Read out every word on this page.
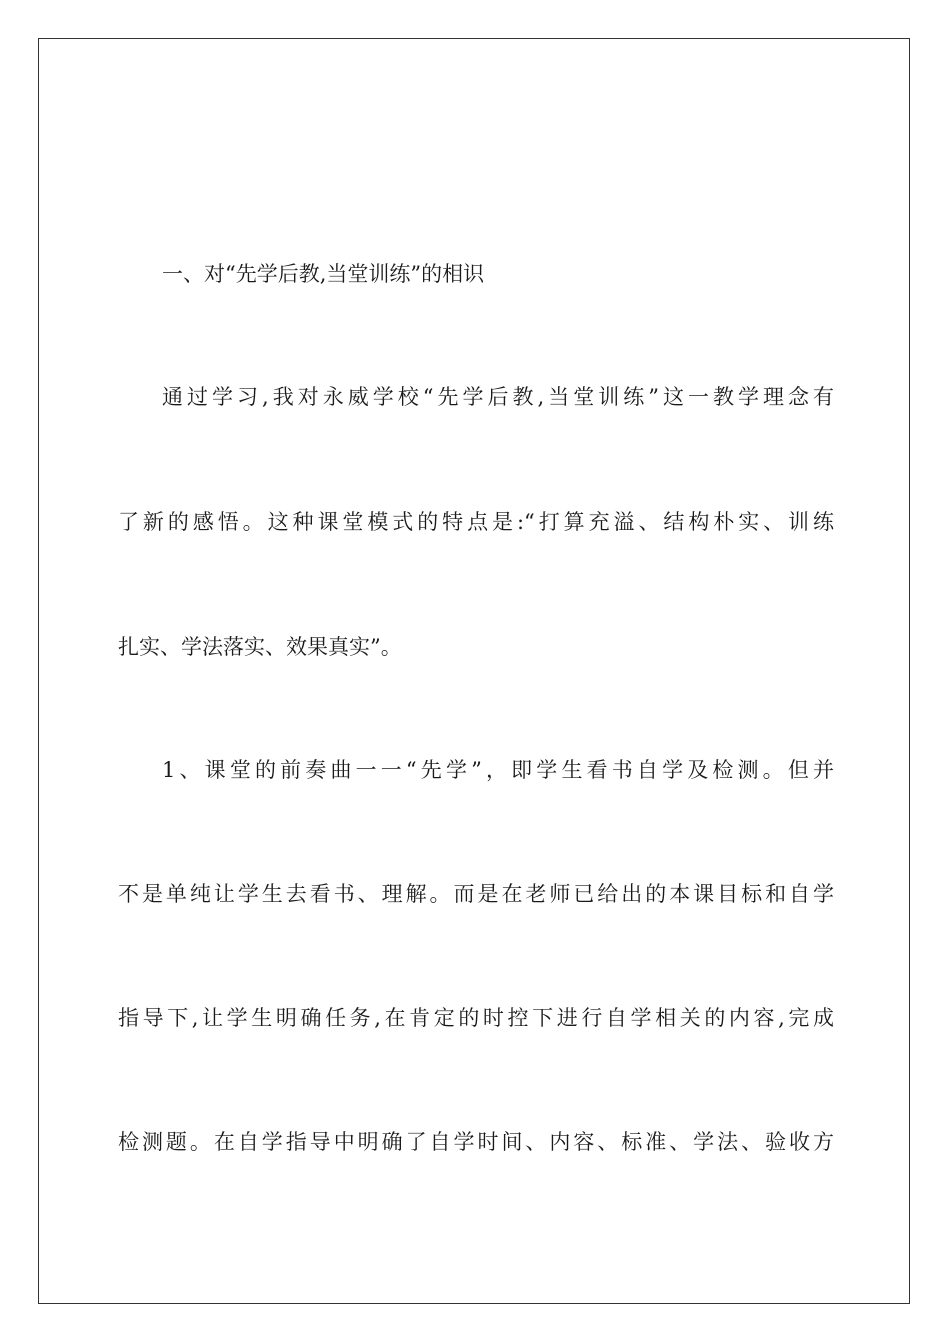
一、对“先学后教,当堂训练”的相识
通过学习,我对永威学校“先学后教,当堂训练”这一教学理念有
了新的感悟。这种课堂模式的特点是:“打算充溢、结构朴实、训练
扎实、学法落实、效果真实”。
1、课堂的前奏曲一一“先学”，即学生看书自学及检测。但并
不是单纯让学生去看书、理解。而是在老师已给出的本课目标和自学
指导下,让学生明确任务,在肯定的时控下进行自学相关的内容,完成
检测题。在自学指导中明确了自学时间、内容、标准、学法、验收方
